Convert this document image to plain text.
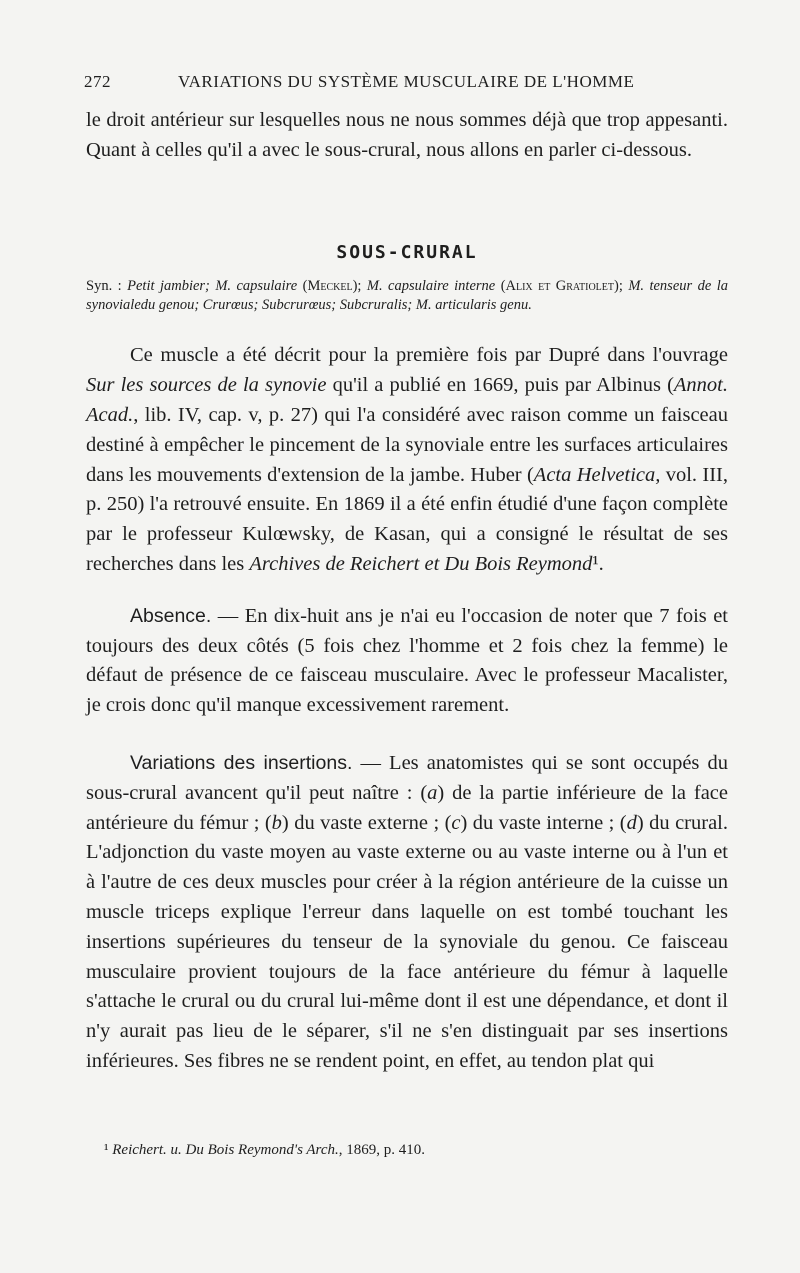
272	VARIATIONS DU SYSTÈME MUSCULAIRE DE L'HOMME

le droit antérieur sur lesquelles nous ne nous sommes déjà que trop appesanti. Quant à celles qu'il a avec le sous-crural, nous allons en parler ci-dessous.

SOUS-CRURAL

Syn. : Petit jambier; M. capsulaire (Meckel); M. capsulaire interne (Alix et Gratiolet); M. tenseur de la synovialedu genou; Crurœus; Subcrurœus; Subcruralis; M. articularis genu.

Ce muscle a été décrit pour la première fois par Dupré dans l'ouvrage Sur les sources de la synovie qu'il a publié en 1669, puis par Albinus (Annot. Acad., lib. IV, cap. v, p. 27) qui l'a considéré avec raison comme un faisceau destiné à empêcher le pincement de la synoviale entre les surfaces articulaires dans les mouvements d'extension de la jambe. Huber (Acta Helvetica, vol. III, p. 250) l'a retrouvé ensuite. En 1869 il a été enfin étudié d'une façon complète par le professeur Kulœwsky, de Kasan, qui a consigné le résultat de ses recherches dans les Archives de Reichert et Du Bois Reymond¹.

Absence. — En dix-huit ans je n'ai eu l'occasion de noter que 7 fois et toujours des deux côtés (5 fois chez l'homme et 2 fois chez la femme) le défaut de présence de ce faisceau musculaire. Avec le professeur Macalister, je crois donc qu'il manque excessivement rarement.

Variations des insertions. — Les anatomistes qui se sont occupés du sous-crural avancent qu'il peut naître : (a) de la partie inférieure de la face antérieure du fémur ; (b) du vaste externe ; (c) du vaste interne ; (d) du crural. L'adjonction du vaste moyen au vaste externe ou au vaste interne ou à l'un et à l'autre de ces deux muscles pour créer à la région antérieure de la cuisse un muscle triceps explique l'erreur dans laquelle on est tombé touchant les insertions supérieures du tenseur de la synoviale du genou. Ce faisceau musculaire provient toujours de la face antérieure du fémur à laquelle s'attache le crural ou du crural lui-même dont il est une dépendance, et dont il n'y aurait pas lieu de le séparer, s'il ne s'en distinguait par ses insertions inférieures. Ses fibres ne se rendent point, en effet, au tendon plat qui

¹ Reichert. u. Du Bois Reymond's Arch., 1869, p. 410.
